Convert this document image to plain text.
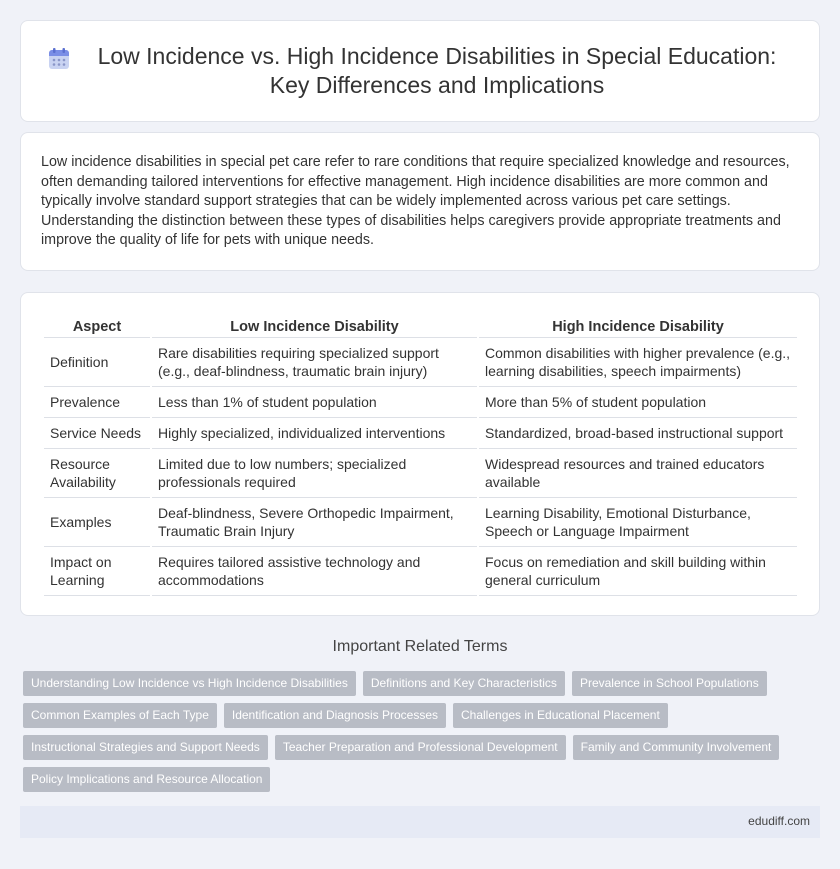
Low Incidence vs. High Incidence Disabilities in Special Education: Key Differences and Implications

Low incidence disabilities in special pet care refer to rare conditions that require specialized knowledge and resources, often demanding tailored interventions for effective management. High incidence disabilities are more common and typically involve standard support strategies that can be widely implemented across various pet care settings. Understanding the distinction between these types of disabilities helps caregivers provide appropriate treatments and improve the quality of life for pets with unique needs.

Aspect	Low Incidence Disability	High Incidence Disability
Definition	Rare disabilities requiring specialized support (e.g., deaf-blindness, traumatic brain injury)	Common disabilities with higher prevalence (e.g., learning disabilities, speech impairments)
Prevalence	Less than 1% of student population	More than 5% of student population
Service Needs	Highly specialized, individualized interventions	Standardized, broad-based instructional support
Resource Availability	Limited due to low numbers; specialized professionals required	Widespread resources and trained educators available
Examples	Deaf-blindness, Severe Orthopedic Impairment, Traumatic Brain Injury	Learning Disability, Emotional Disturbance, Speech or Language Impairment
Impact on Learning	Requires tailored assistive technology and accommodations	Focus on remediation and skill building within general curriculum
Important Related Terms
Understanding Low Incidence vs High Incidence Disabilities	Definitions and Key Characteristics	Prevalence in School Populations
Common Examples of Each Type	Identification and Diagnosis Processes	Challenges in Educational Placement
Instructional Strategies and Support Needs	Teacher Preparation and Professional Development	Family and Community Involvement
Policy Implications and Resource Allocation
edudiff.com
